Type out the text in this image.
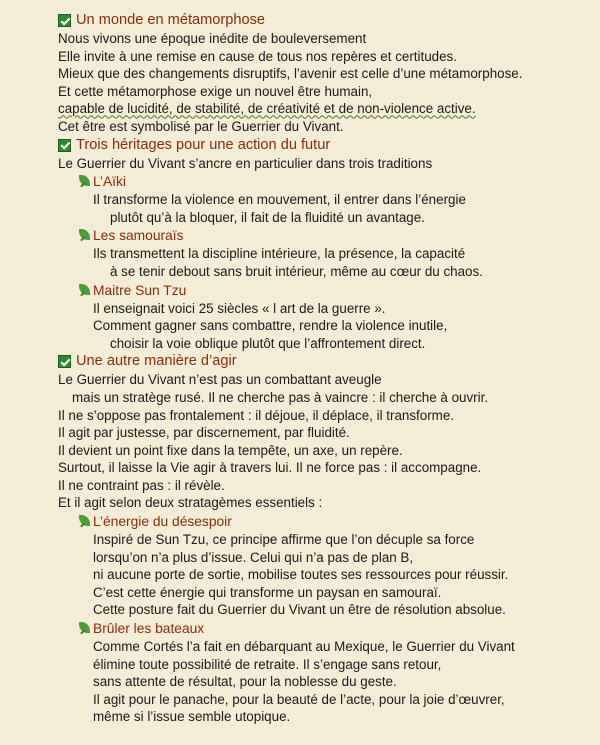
Un monde en métamorphose
Nous vivons une époque inédite de bouleversement
Elle invite à une remise en cause de tous nos repères et certitudes.
Mieux que des changements disruptifs, l’avenir est celle d’une métamorphose.
Et cette métamorphose exige un nouvel être humain,
capable de lucidité, de stabilité, de créativité et de non-violence active.
Cet être est symbolisé par le Guerrier du Vivant.
Trois héritages pour une action du futur
Le Guerrier du Vivant s’ancre en particulier dans trois traditions
L’Aïki
Il transforme la violence en mouvement, il entrer dans l’énergie
plutôt qu’à la bloquer, il fait de la fluidité un avantage.
Les samouraïs
Ils transmettent la discipline intérieure, la présence, la capacité
à se tenir debout sans bruit intérieur, même au cœur du chaos.
Maitre Sun Tzu
Il enseignait voici 25 siècles « l art de la guerre ».
Comment gagner sans combattre, rendre la violence inutile,
choisir la voie oblique plutôt que l’affrontement direct.
Une autre manière d’agir
Le Guerrier du Vivant n’est pas un combattant aveugle
mais un stratège rusé. Il ne cherche pas à vaincre : il cherche à ouvrir.
Il ne s’oppose pas frontalement : il déjoue, il déplace, il transforme.
Il agit par justesse, par discernement, par fluidité.
Il devient un point fixe dans la tempête, un axe, un repère.
Surtout, il laisse la Vie agir à travers lui. Il ne force pas : il accompagne.
Il ne contraint pas : il révèle.
Et il agit selon deux stratagèmes essentiels :
L’énergie du désespoir
Inspiré de Sun Tzu, ce principe affirme que l’on décuple sa force
lorsqu’on n’a plus d’issue. Celui qui n’a pas de plan B,
ni aucune porte de sortie, mobilise toutes ses ressources pour réussir.
C’est cette énergie qui transforme un paysan en samouraï.
Cette posture fait du Guerrier du Vivant un être de résolution absolue.
Brûler les bateaux
Comme Cortés l’a fait en débarquant au Mexique, le Guerrier du Vivant
élimine toute possibilité de retraite. Il s’engage sans retour,
sans attente de résultat, pour la noblesse du geste.
Il agit pour le panache, pour la beauté de l’acte, pour la joie d’œuvrer,
même si l’issue semble utopique.
